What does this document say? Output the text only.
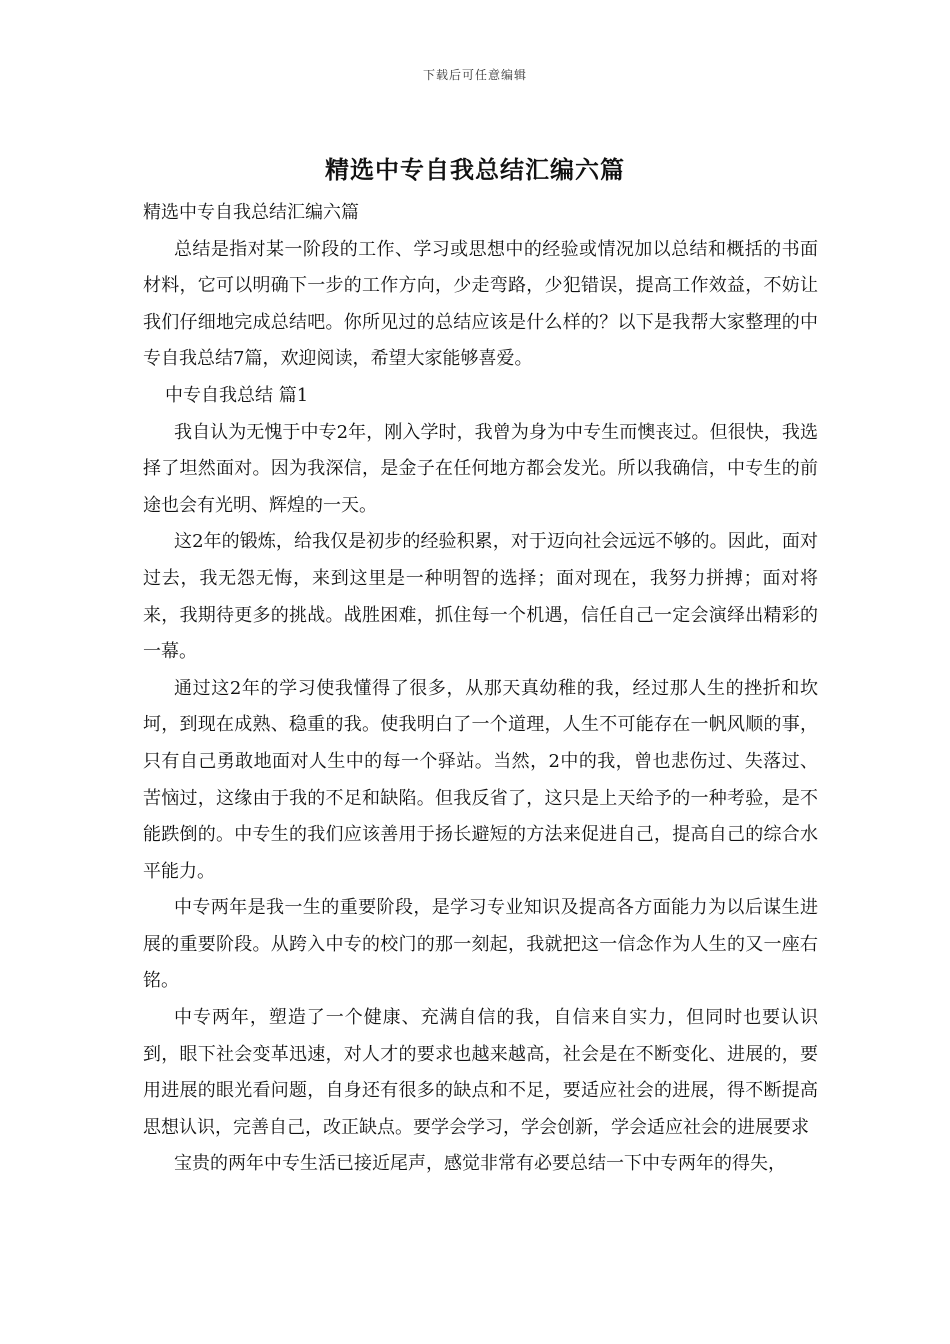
下载后可任意编辑
精选中专自我总结汇编六篇

精选中专自我总结汇编六篇

总结是指对某一阶段的工作、学习或思想中的经验或情况加以总结和概括的书面材料，它可以明确下一步的工作方向，少走弯路，少犯错误，提高工作效益，不妨让我们仔细地完成总结吧。你所见过的总结应该是什么样的？以下是我帮大家整理的中专自我总结7篇，欢迎阅读，希望大家能够喜爱。

中专自我总结 篇1

我自认为无愧于中专2年，刚入学时，我曾为身为中专生而懊丧过。但很快，我选择了坦然面对。因为我深信，是金子在任何地方都会发光。所以我确信，中专生的前途也会有光明、辉煌的一天。

这2年的锻炼，给我仅是初步的经验积累，对于迈向社会远远不够的。因此，面对过去，我无怨无悔，来到这里是一种明智的选择；面对现在，我努力拼搏；面对将来，我期待更多的挑战。战胜困难，抓住每一个机遇，信任自己一定会演绎出精彩的一幕。

通过这2年的学习使我懂得了很多，从那天真幼稚的我，经过那人生的挫折和坎坷，到现在成熟、稳重的我。使我明白了一个道理，人生不可能存在一帆风顺的事，只有自己勇敢地面对人生中的每一个驿站。当然，2中的我，曾也悲伤过、失落过、苦恼过，这缘由于我的不足和缺陷。但我反省了，这只是上天给予的一种考验，是不能跌倒的。中专生的我们应该善用于扬长避短的方法来促进自己，提高自己的综合水平能力。

中专两年是我一生的重要阶段，是学习专业知识及提高各方面能力为以后谋生进展的重要阶段。从跨入中专的校门的那一刻起，我就把这一信念作为人生的又一座右铭。

中专两年，塑造了一个健康、充满自信的我，自信来自实力，但同时也要认识到，眼下社会变革迅速，对人才的要求也越来越高，社会是在不断变化、进展的，要用进展的眼光看问题，自身还有很多的缺点和不足，要适应社会的进展，得不断提高思想认识，完善自己，改正缺点。要学会学习，学会创新，学会适应社会的进展要求

宝贵的两年中专生活已接近尾声，感觉非常有必要总结一下中专两年的得失，
